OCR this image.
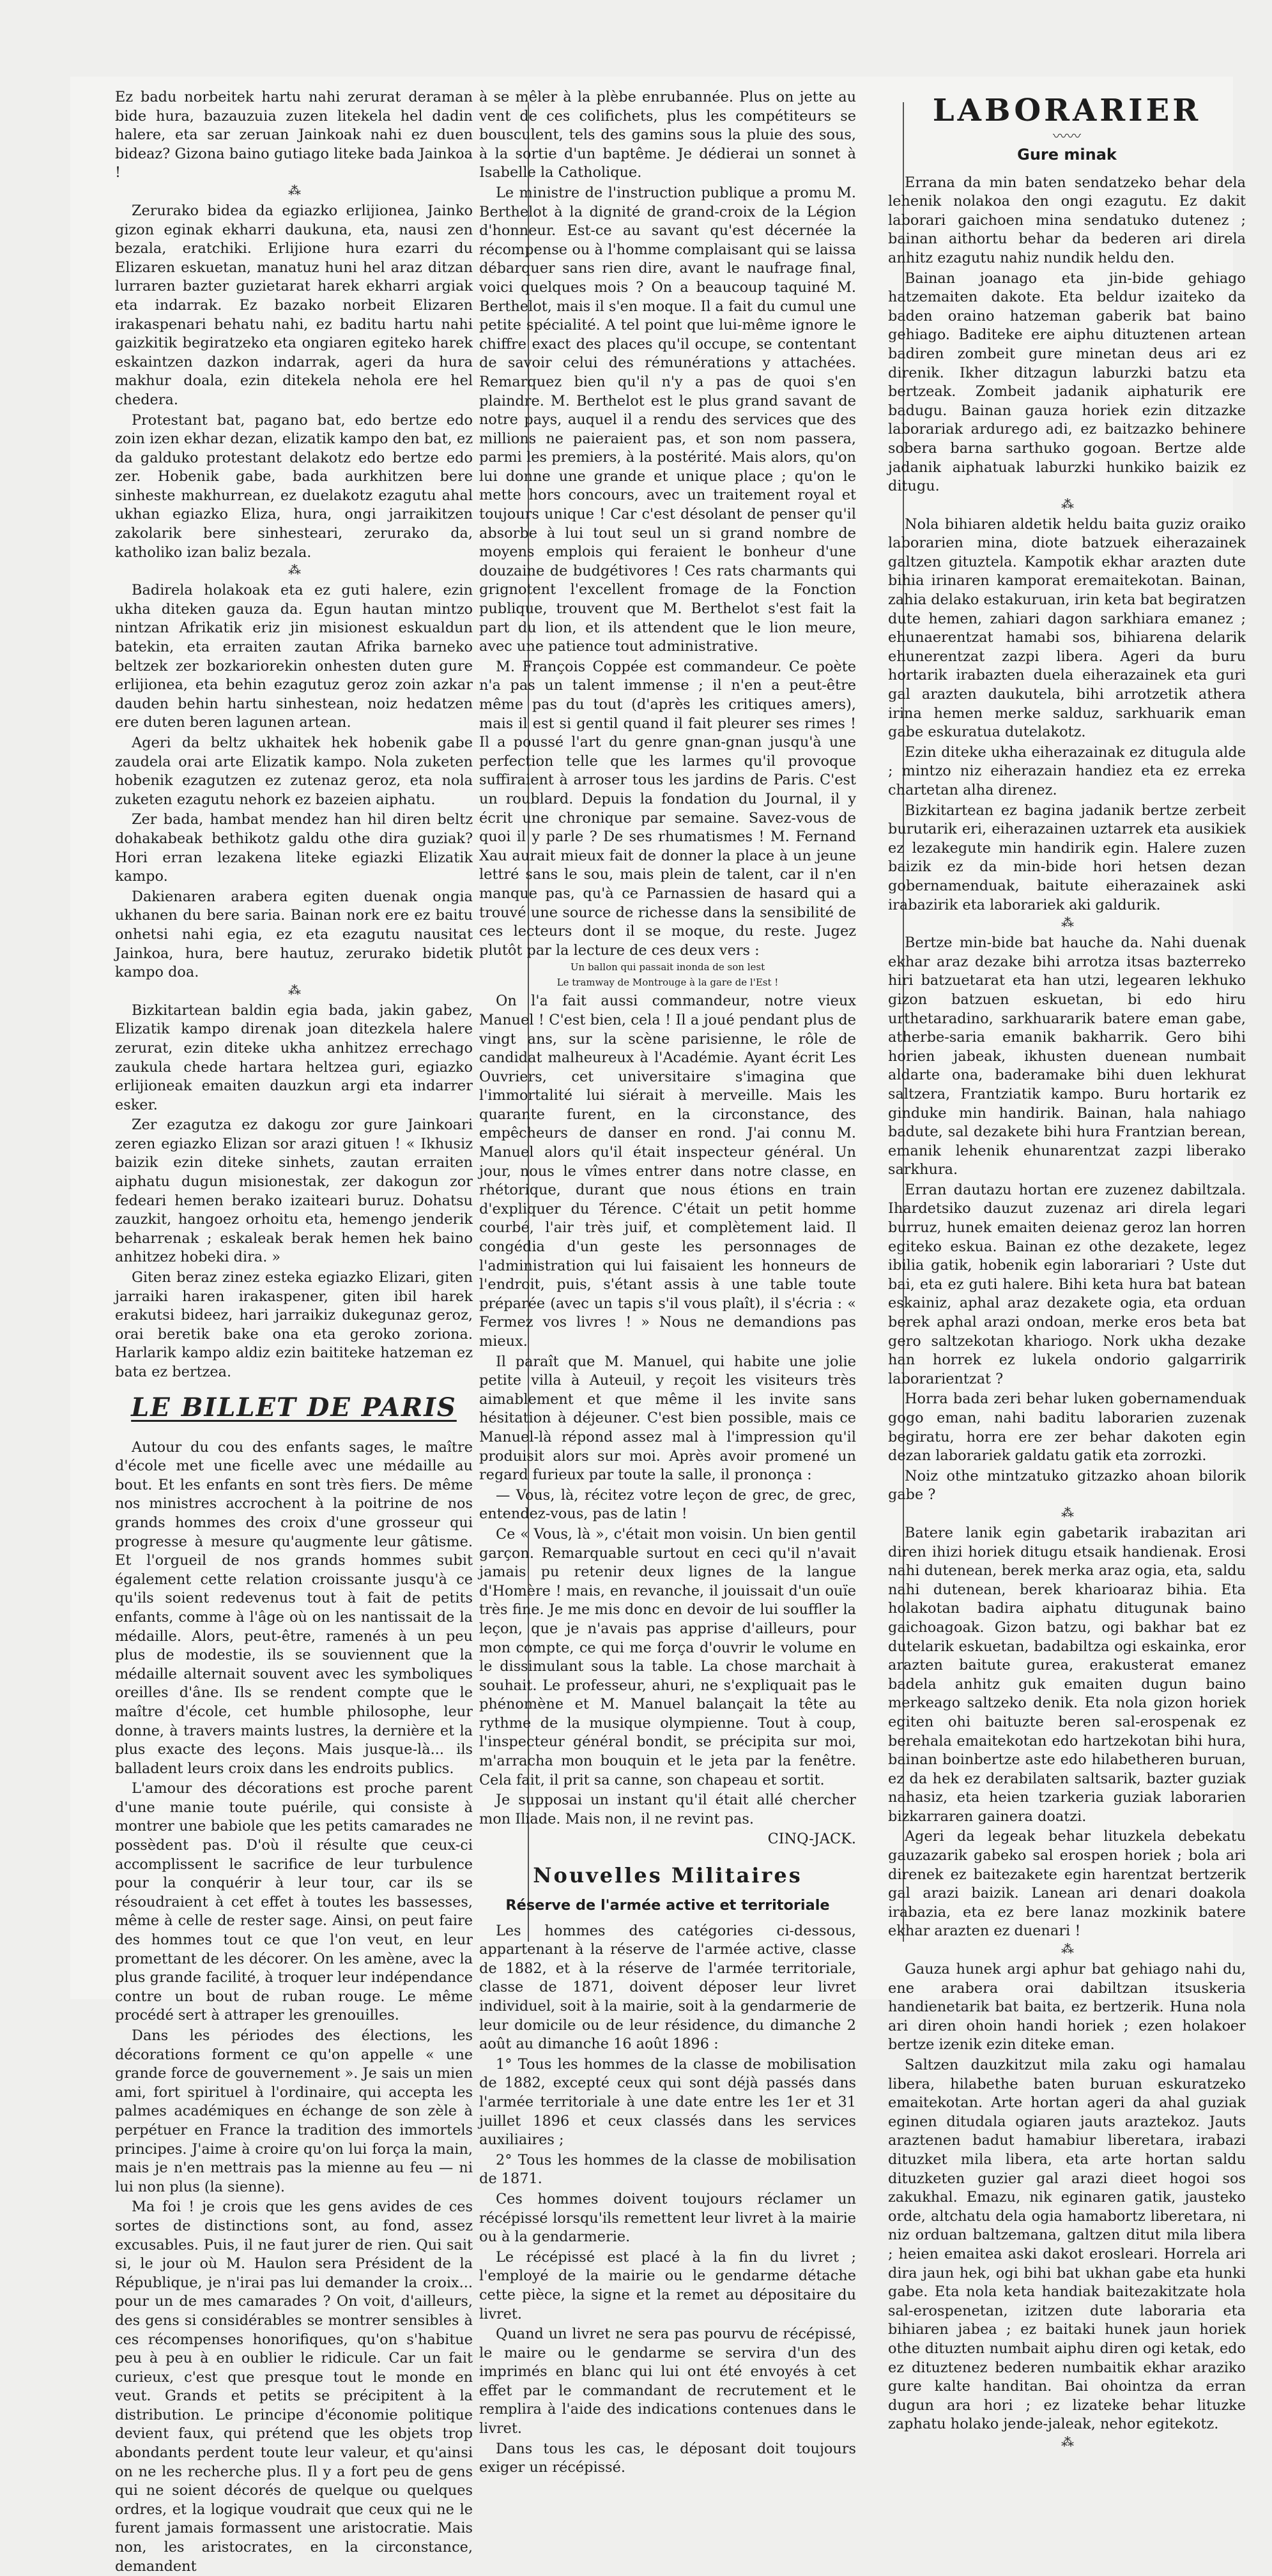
Ez badu norbeitek hartu nahi zerurat deraman bide hura, bazauzuia zuzen litekela hel dadin halere, eta sar zeruan Jainkoak nahi ez duen bideaz? Gizona baino gutiago liteke bada Jainkoa !

⁂

Zerurako bidea da egiazko erlijionea, Jainko gizon eginak ekharri daukuna, eta, nausi zen bezala, eratchiki. Erlijione hura ezarri du Elizaren eskuetan, manatuz huni hel araz ditzan lurraren bazter guzietarat harek ekharri argiak eta indarrak. Ez bazako norbeit Elizaren irakaspenari behatu nahi, ez baditu hartu nahi gaizkitik begiratzeko eta ongiaren egiteko harek eskaintzen dazkon indarrak, ageri da hura makhur doala, ezin ditekela nehola ere hel chedera.

Protestant bat, pagano bat, edo bertze edo zoin izen ekhar dezan, elizatik kampo den bat, ez da galduko protestant delakotz edo bertze edo zer. Hobenik gabe, bada aurkhitzen bere sinheste makhurrean, ez duelakotz ezagutu ahal ukhan egiazko Eliza, hura, ongi jarraikitzen zakolarik bere sinhesteari, zerurako da, katholiko izan baliz bezala.

⁂

Badirela holakoak eta ez guti halere, ezin ukha diteken gauza da. Egun hautan mintzo nintzan Afrikatik eriz jin misionest eskualdun batekin, eta erraiten zautan Afrika barneko beltzek zer bozkariorekin onhesten duten gure erlijionea, eta behin ezagutuz geroz zoin azkar dauden behin hartu sinhestean, noiz hedatzen ere duten beren lagunen artean.

Ageri da beltz ukhaitek hek hobenik gabe zaudela orai arte Elizatik kampo. Nola zuketen hobenik ezagutzen ez zutenaz geroz, eta nola zuketen ezagutu nehork ez bazeien aiphatu.

Zer bada, hambat mendez han hil diren beltz dohakabeak bethikotz galdu othe dira guziak? Hori erran lezakena liteke egiazki Elizatik kampo.

Dakienaren arabera egiten duenak ongia ukhanen du bere saria. Bainan nork ere ez baitu onhetsi nahi egia, ez eta ezagutu nausitat Jainkoa, hura, bere hautuz, zerurako bidetik kampo doa.

⁂

Bizkitartean baldin egia bada, jakin gabez, Elizatik kampo direnak joan ditezkela halere zerurat, ezin diteke ukha anhitzez errechago zaukula chede hartara heltzea guri, egiazko erlijioneak emaiten dauzkun argi eta indarrer esker.

Zer ezagutza ez dakogu zor gure Jainkoari zeren egiazko Elizan sor arazi gituen ! « Ikhusiz baizik ezin diteke sinhets, zautan erraiten aiphatu dugun misionestak, zer dakogun zor fedeari hemen berako izaiteari buruz. Dohatsu zauzkit, hangoez orhoitu eta, hemengo jenderik beharrenak ; eskaleak berak hemen hek baino anhitzez hobeki dira. »

Giten beraz zinez esteka egiazko Elizari, giten jarraiki haren irakaspener, giten ibil harek erakutsi bideez, hari jarraikiz dukegunaz geroz, orai beretik bake ona eta geroko zoriona. Harlarik kampo aldiz ezin baititeke hatzeman ez bata ez bertzea.

LE BILLET DE PARIS

Autour du cou des enfants sages, le maître d'école met une ficelle avec une médaille au bout. Et les enfants en sont très fiers. De même nos ministres accrochent à la poitrine de nos grands hommes des croix d'une grosseur qui progresse à mesure qu'augmente leur gâtisme. Et l'orgueil de nos grands hommes subit également cette relation croissante jusqu'à ce qu'ils soient redevenus tout à fait de petits enfants, comme à l'âge où on les nantissait de la médaille. Alors, peut-être, ramenés à un peu plus de modestie, ils se souviennent que la médaille alternait souvent avec les symboliques oreilles d'âne. Ils se rendent compte que le maître d'école, cet humble philosophe, leur donne, à travers maints lustres, la dernière et la plus exacte des leçons. Mais jusque-là... ils balladent leurs croix dans les endroits publics.

L'amour des décorations est proche parent d'une manie toute puérile, qui consiste à montrer une babiole que les petits camarades ne possèdent pas. D'où il résulte que ceux-ci accomplissent le sacrifice de leur turbulence pour la conquérir à leur tour, car ils se résoudraient à cet effet à toutes les bassesses, même à celle de rester sage. Ainsi, on peut faire des hommes tout ce que l'on veut, en leur promettant de les décorer. On les amène, avec la plus grande facilité, à troquer leur indépendance contre un bout de ruban rouge. Le même procédé sert à attraper les grenouilles.

Dans les périodes des élections, les décorations forment ce qu'on appelle « une grande force de gouvernement ». Je sais un mien ami, fort spirituel à l'ordinaire, qui accepta les palmes académiques en échange de son zèle à perpétuer en France la tradition des immortels principes. J'aime à croire qu'on lui força la main, mais je n'en mettrais pas la mienne au feu — ni lui non plus (la sienne).

Ma foi ! je crois que les gens avides de ces sortes de distinctions sont, au fond, assez excusables. Puis, il ne faut jurer de rien. Qui sait si, le jour où M. Haulon sera Président de la République, je n'irai pas lui demander la croix... pour un de mes camarades ? On voit, d'ailleurs, des gens si considérables se montrer sensibles à ces récompenses honorifiques, qu'on s'habitue peu à peu à en oublier le ridicule. Car un fait curieux, c'est que presque tout le monde en veut. Grands et petits se précipitent à la distribution. Le principe d'économie politique devient faux, qui prétend que les objets trop abondants perdent toute leur valeur, et qu'ainsi on ne les recherche plus. Il y a fort peu de gens qui ne soient décorés de quelque ou quelques ordres, et la logique voudrait que ceux qui ne le furent jamais formassent une aristocratie. Mais non, les aristocrates, en la circonstance, demandent

à se mêler à la plèbe enrubannée. Plus on jette au vent de ces colifichets, plus les compétiteurs se bousculent, tels des gamins sous la pluie des sous, à la sortie d'un baptême. Je dédierai un sonnet à Isabelle la Catholique.

Le ministre de l'instruction publique a promu M. Berthelot à la dignité de grand-croix de la Légion d'honneur. Est-ce au savant qu'est décernée la récompense ou à l'homme complaisant qui se laissa débarquer sans rien dire, avant le naufrage final, voici quelques mois ? On a beaucoup taquiné M. Berthelot, mais il s'en moque. Il a fait du cumul une petite spécialité. A tel point que lui-même ignore le chiffre exact des places qu'il occupe, se contentant de savoir celui des rémunérations y attachées. Remarquez bien qu'il n'y a pas de quoi s'en plaindre. M. Berthelot est le plus grand savant de notre pays, auquel il a rendu des services que des millions ne paieraient pas, et son nom passera, parmi les premiers, à la postérité. Mais alors, qu'on lui donne une grande et unique place ; qu'on le mette hors concours, avec un traitement royal et toujours unique ! Car c'est désolant de penser qu'il absorbe à lui tout seul un si grand nombre de moyens emplois qui feraient le bonheur d'une douzaine de budgétivores ! Ces rats charmants qui grignotent l'excellent fromage de la Fonction publique, trouvent que M. Berthelot s'est fait la part du lion, et ils attendent que le lion meure, avec une patience tout administrative.

M. François Coppée est commandeur. Ce poète n'a pas un talent immense ; il n'en a peut-être même pas du tout (d'après les critiques amers), mais il est si gentil quand il fait pleurer ses rimes ! Il a poussé l'art du genre gnan-gnan jusqu'à une perfection telle que les larmes qu'il provoque suffiraient à arroser tous les jardins de Paris. C'est un roublard. Depuis la fondation du Journal, il y écrit une chronique par semaine. Savez-vous de quoi il y parle ? De ses rhumatismes ! M. Fernand Xau aurait mieux fait de donner la place à un jeune lettré sans le sou, mais plein de talent, car il n'en manque pas, qu'à ce Parnassien de hasard qui a trouvé une source de richesse dans la sensibilité de ces lecteurs dont il se moque, du reste. Jugez plutôt par la lecture de ces deux vers :

Un ballon qui passait inonda de son lest
Le tramway de Montrouge à la gare de l'Est !

On l'a fait aussi commandeur, notre vieux Manuel ! C'est bien, cela ! Il a joué pendant plus de vingt ans, sur la scène parisienne, le rôle de candidat malheureux à l'Académie. Ayant écrit Les Ouvriers, cet universitaire s'imagina que l'immortalité lui siérait à merveille. Mais les quarante furent, en la circonstance, des empêcheurs de danser en rond. J'ai connu M. Manuel alors qu'il était inspecteur général. Un jour, nous le vîmes entrer dans notre classe, en rhétorique, durant que nous étions en train d'expliquer du Térence. C'était un petit homme courbé, l'air très juif, et complètement laid. Il congédia d'un geste les personnages de l'administration qui lui faisaient les honneurs de l'endroit, puis, s'étant assis à une table toute préparée (avec un tapis s'il vous plaît), il s'écria : « Fermez vos livres ! » Nous ne demandions pas mieux.

Il paraît que M. Manuel, qui habite une jolie petite villa à Auteuil, y reçoit les visiteurs très aimablement et que même il les invite sans hésitation à déjeuner. C'est bien possible, mais ce Manuel-là répond assez mal à l'impression qu'il produisit alors sur moi. Après avoir promené un regard furieux par toute la salle, il prononça :

— Vous, là, récitez votre leçon de grec, de grec, entendez-vous, pas de latin !

Ce « Vous, là », c'était mon voisin. Un bien gentil garçon. Remarquable surtout en ceci qu'il n'avait jamais pu retenir deux lignes de la langue d'Homère ! mais, en revanche, il jouissait d'un ouïe très fine. Je me mis donc en devoir de lui souffler la leçon, que je n'avais pas apprise d'ailleurs, pour mon compte, ce qui me força d'ouvrir le volume en le dissimulant sous la table. La chose marchait à souhait. Le professeur, ahuri, ne s'expliquait pas le phénomène et M. Manuel balançait la tête au rythme de la musique olympienne. Tout à coup, l'inspecteur général bondit, se précipita sur moi, m'arracha mon bouquin et le jeta par la fenêtre. Cela fait, il prit sa canne, son chapeau et sortit.

Je supposai un instant qu'il était allé chercher mon Iliade. Mais non, il ne revint pas.

CINQ-JACK.

Nouvelles Militaires
Réserve de l'armée active et territoriale

Les hommes des catégories ci-dessous, appartenant à la réserve de l'armée active, classe de 1882, et à la réserve de l'armée territoriale, classe de 1871, doivent déposer leur livret individuel, soit à la mairie, soit à la gendarmerie de leur domicile ou de leur résidence, du dimanche 2 août au dimanche 16 août 1896 :

1° Tous les hommes de la classe de mobilisation de 1882, excepté ceux qui sont déjà passés dans l'armée territoriale à une date entre les 1er et 31 juillet 1896 et ceux classés dans les services auxiliaires ;

2° Tous les hommes de la classe de mobilisation de 1871.

Ces hommes doivent toujours réclamer un récépissé lorsqu'ils remettent leur livret à la mairie ou à la gendarmerie.

Le récépissé est placé à la fin du livret ; l'employé de la mairie ou le gendarme détache cette pièce, la signe et la remet au dépositaire du livret.

Quand un livret ne sera pas pourvu de récépissé, le maire ou le gendarme se servira d'un des imprimés en blanc qui lui ont été envoyés à cet effet par le commandant de recrutement et le remplira à l'aide des indications contenues dans le livret.

Dans tous les cas, le déposant doit toujours exiger un récépissé.

LABORARIER
〰〰
Gure minak

Errana da min baten sendatzeko behar dela lehenik nolakoa den ongi ezagutu. Ez dakit laborari gaichoen mina sendatuko dutenez ; bainan aithortu behar da bederen ari direla anhitz ezagutu nahiz nundik heldu den.

Bainan joanago eta jin-bide gehiago hatzemaiten dakote. Eta beldur izaiteko da baden oraino hatzeman gaberik bat baino gehiago. Baditeke ere aiphu dituztenen artean badiren zombeit gure minetan deus ari ez direnik. Ikher ditzagun laburzki batzu eta bertzeak. Zombeit jadanik aiphaturik ere badugu. Bainan gauza horiek ezin ditzazke laborariak ardurego adi, ez baitzazko behinere sobera barna sarthuko gogoan. Bertze alde jadanik aiphatuak laburzki hunkiko baizik ez ditugu.

⁂

Nola bihiaren aldetik heldu baita guziz oraiko laborarien mina, diote batzuek eiherazainek galtzen gituztela. Kampotik ekhar arazten dute bihia irinaren kamporat eremaitekotan. Bainan, zahia delako estakuruan, irin keta bat begiratzen dute hemen, zahiari dagon sarkhiara emanez ; ehunaerentzat hamabi sos, bihiarena delarik ehunerentzat zazpi libera. Ageri da buru hortarik irabazten duela eiherazainek eta guri gal arazten daukutela, bihi arrotzetik athera irina hemen merke salduz, sarkhuarik eman gabe eskuratua dutelakotz.

Ezin diteke ukha eiherazainak ez ditugula alde ; mintzo niz eiherazain handiez eta ez erreka chartetan alha direnez.

Bizkitartean ez bagina jadanik bertze zerbeit burutarik eri, eiherazainen uztarrek eta ausikiek ez lezakegute min handirik egin. Halere zuzen baizik ez da min-bide hori hetsen dezan gobernamenduak, baitute eiherazainek aski irabazirik eta laborariek aki galdurik.

⁂

Bertze min-bide bat hauche da. Nahi duenak ekhar araz dezake bihi arrotza itsas bazterreko hiri batzuetarat eta han utzi, legearen lekhuko gizon batzuen eskuetan, bi edo hiru urthetaradino, sarkhuararik batere eman gabe, atherbe-saria emanik bakharrik. Gero bihi horien jabeak, ikhusten duenean numbait aldarte ona, baderamake bihi duen lekhurat saltzera, Frantziatik kampo. Buru hortarik ez ginduke min handirik. Bainan, hala nahiago badute, sal dezakete bihi hura Frantzian berean, emanik lehenik ehunarentzat zazpi liberako sarkhura.

Erran dautazu hortan ere zuzenez dabiltzala. Ihardetsiko dauzut zuzenaz ari direla legari burruz, hunek emaiten deienaz geroz lan horren egiteko eskua. Bainan ez othe dezakete, legez ibilia gatik, hobenik egin laborariari ? Uste dut bai, eta ez guti halere. Bihi keta hura bat batean eskainiz, aphal araz dezakete ogia, eta orduan berek aphal arazi ondoan, merke eros beta bat gero saltzekotan khariogo. Nork ukha dezake han horrek ez lukela ondorio galgarririk laborarientzat ?

Horra bada zeri behar luken gobernamenduak gogo eman, nahi baditu laborarien zuzenak begiratu, horra ere zer behar dakoten egin dezan laborariek galdatu gatik eta zorrozki.

Noiz othe mintzatuko gitzazko ahoan bilorik gabe ?

⁂

Batere lanik egin gabetarik irabazitan ari diren ihizi horiek ditugu etsaik handienak. Erosi nahi dutenean, berek merka araz ogia, eta, saldu nahi dutenean, berek kharioaraz bihia. Eta holakotan badira aiphatu ditugunak baino gaichoagoak. Gizon batzu, ogi bakhar bat ez dutelarik eskuetan, badabiltza ogi eskainka, eror arazten baitute gurea, erakusterat emanez badela anhitz guk emaiten dugun baino merkeago saltzeko denik. Eta nola gizon horiek egiten ohi baituzte beren sal-erospenak ez berehala emaitekotan edo hartzekotan bihi hura, bainan boinbertze aste edo hilabetheren buruan, ez da hek ez derabilaten saltsarik, bazter guziak nahasiz, eta heien tzarkeria guziak laborarien bizkarraren gainera doatzi.

Ageri da legeak behar lituzkela debekatu gauzazarik gabeko sal erospen horiek ; bola ari direnek ez baitezakete egin harentzat bertzerik gal arazi baizik. Lanean ari denari doakola irabazia, eta ez bere lanaz mozkinik batere ekhar arazten ez duenari !

⁂

Gauza hunek argi aphur bat gehiago nahi du, ene arabera orai dabiltzan itsuskeria handienetarik bat baita, ez bertzerik. Huna nola ari diren ohoin handi horiek ; ezen holakoer bertze izenik ezin diteke eman.

Saltzen dauzkitzut mila zaku ogi hamalau libera, hilabethe baten buruan eskuratzeko emaitekotan. Arte hortan ageri da ahal guziak eginen ditudala ogiaren jauts araztekoz. Jauts araztenen badut hamabiur liberetara, irabazi dituzket mila libera, eta arte hortan saldu dituzketen guzier gal arazi dieet hogoi sos zakukhal. Emazu, nik eginaren gatik, jausteko orde, altchatu dela ogia hamabortz liberetara, ni niz orduan baltzemana, galtzen ditut mila libera ; heien emaitea aski dakot erosleari. Horrela ari dira jaun hek, ogi bihi bat ukhan gabe eta hunki gabe. Eta nola keta handiak baitezakitzate hola sal-erospenetan, izitzen dute laboraria eta bihiaren jabea ; ez baitaki hunek jaun horiek othe dituzten numbait aiphu diren ogi ketak, edo ez dituztenez bederen numbaitik ekhar araziko gure kalte handitan. Bai ohointza da erran dugun ara hori ; ez lizateke behar lituzke zaphatu holako jende-jaleak, nehor egitekotz.

⁂
